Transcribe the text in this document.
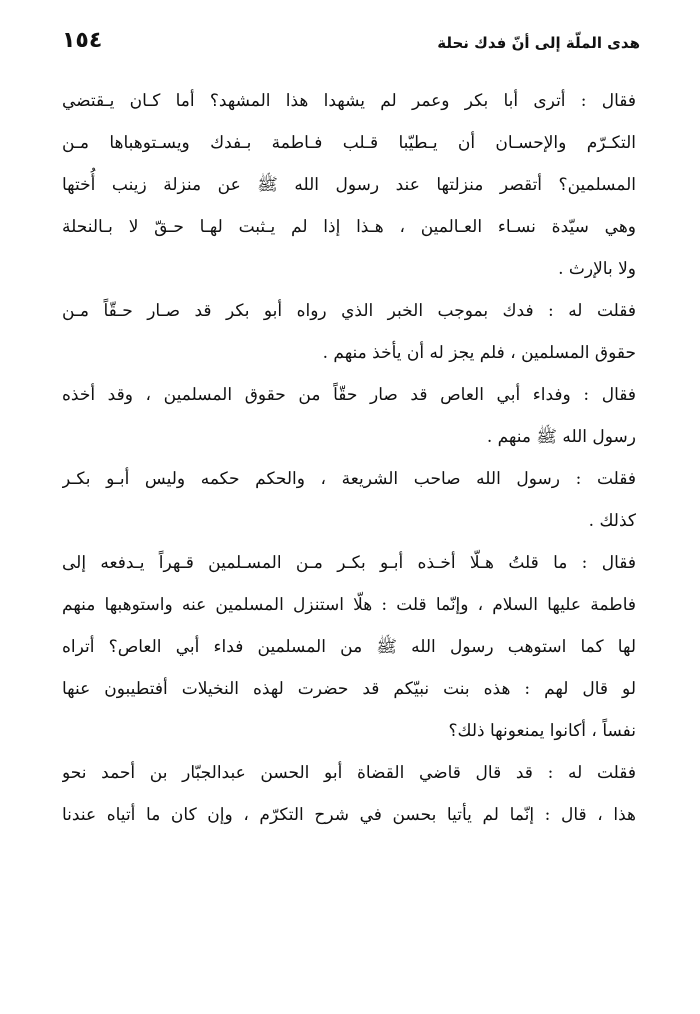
هدى الملّة إلى أنّ فدك نحلة
١٥٤
فقال : أترى أبا بكر وعمر لم يشهدا هذا المشهد؟ أما كـان يـقتضي
التكـرّم والإحسـان أن يـطيّبا قـلب فـاطمة بـفدك ويسـتوهباها مـن
المسلمين؟ أتقصر منزلتها عند رسول الله ﷺ عن منزلة زينب أُختها
وهي سيّدة نسـاء العـالمين ، هـذا إذا لم يـثبت لهـا حـقّ لا بـالنحلة
ولا بالإرث .
فقلت له : فدك بموجب الخبر الذي رواه أبو بكر قد صـار حـقّاً مـن
حقوق المسلمين ، فلم يجز له أن يأخذ منهم .
فقال : وفداء أبي العاص قد صار حقّاً من حقوق المسلمين ، وقد أخذه
رسول الله ﷺ منهم .
فقلت : رسول الله صاحب الشريعة ، والحكم حكمه وليس أبـو بكـر
كذلك .
فقال : ما قلتُ هـلّا أخـذه أبـو بكـر مـن المسـلمين قـهراً يـدفعه إلى
فاطمة عليها السلام ، وإنّما قلت : هلّا استنزل المسلمين عنه واستوهبها منهم
لها كما استوهب رسول الله ﷺ من المسلمين فداء أبي العاص؟ أتراه
لو قال لهم : هذه بنت نبيّكم قد حضرت لهذه النخيلات أفتطيبون عنها
نفساً ، أكانوا يمنعونها ذلك؟
فقلت له : قد قال قاضي القضاة أبو الحسن عبدالجبّار بن أحمد نحو
هذا ، قال : إنّما لم يأتيا بحسن في شرح التكرّم ، وإن كان ما أتياه عندنا
